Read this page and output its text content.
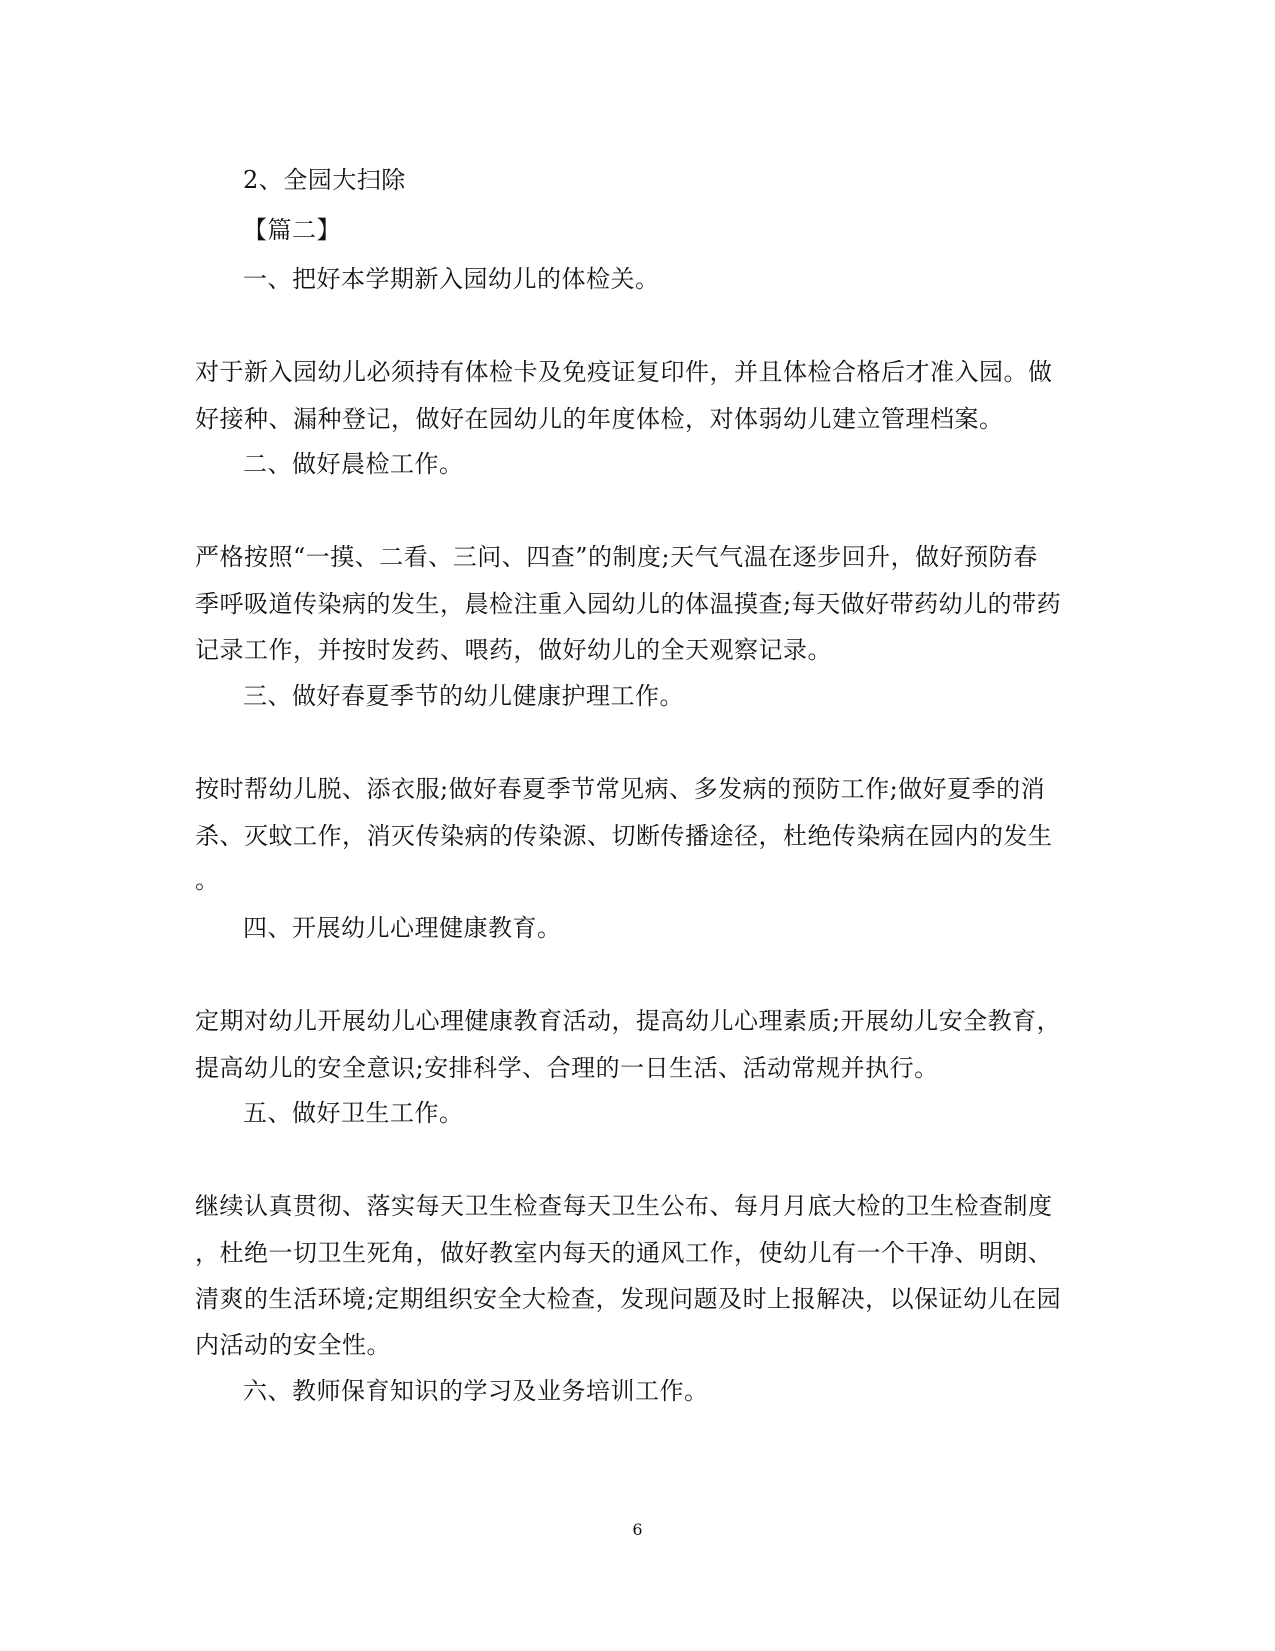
2、全园大扫除
【篇二】
一、把好本学期新入园幼儿的体检关。
对于新入园幼儿必须持有体检卡及免疫证复印件，并且体检合格后才准入园。做
好接种、漏种登记，做好在园幼儿的年度体检，对体弱幼儿建立管理档案。
二、做好晨检工作。
严格按照“一摸、二看、三问、四查”的制度;天气气温在逐步回升，做好预防春
季呼吸道传染病的发生，晨检注重入园幼儿的体温摸查;每天做好带药幼儿的带药
记录工作，并按时发药、喂药，做好幼儿的全天观察记录。
三、做好春夏季节的幼儿健康护理工作。
按时帮幼儿脱、添衣服;做好春夏季节常见病、多发病的预防工作;做好夏季的消
杀、灭蚊工作，消灭传染病的传染源、切断传播途径，杜绝传染病在园内的发生
。
四、开展幼儿心理健康教育。
定期对幼儿开展幼儿心理健康教育活动，提高幼儿心理素质;开展幼儿安全教育，
提高幼儿的安全意识;安排科学、合理的一日生活、活动常规并执行。
五、做好卫生工作。
继续认真贯彻、落实每天卫生检查每天卫生公布、每月月底大检的卫生检查制度
，杜绝一切卫生死角，做好教室内每天的通风工作，使幼儿有一个干净、明朗、
清爽的生活环境;定期组织安全大检查，发现问题及时上报解决，以保证幼儿在园
内活动的安全性。
六、教师保育知识的学习及业务培训工作。
6
